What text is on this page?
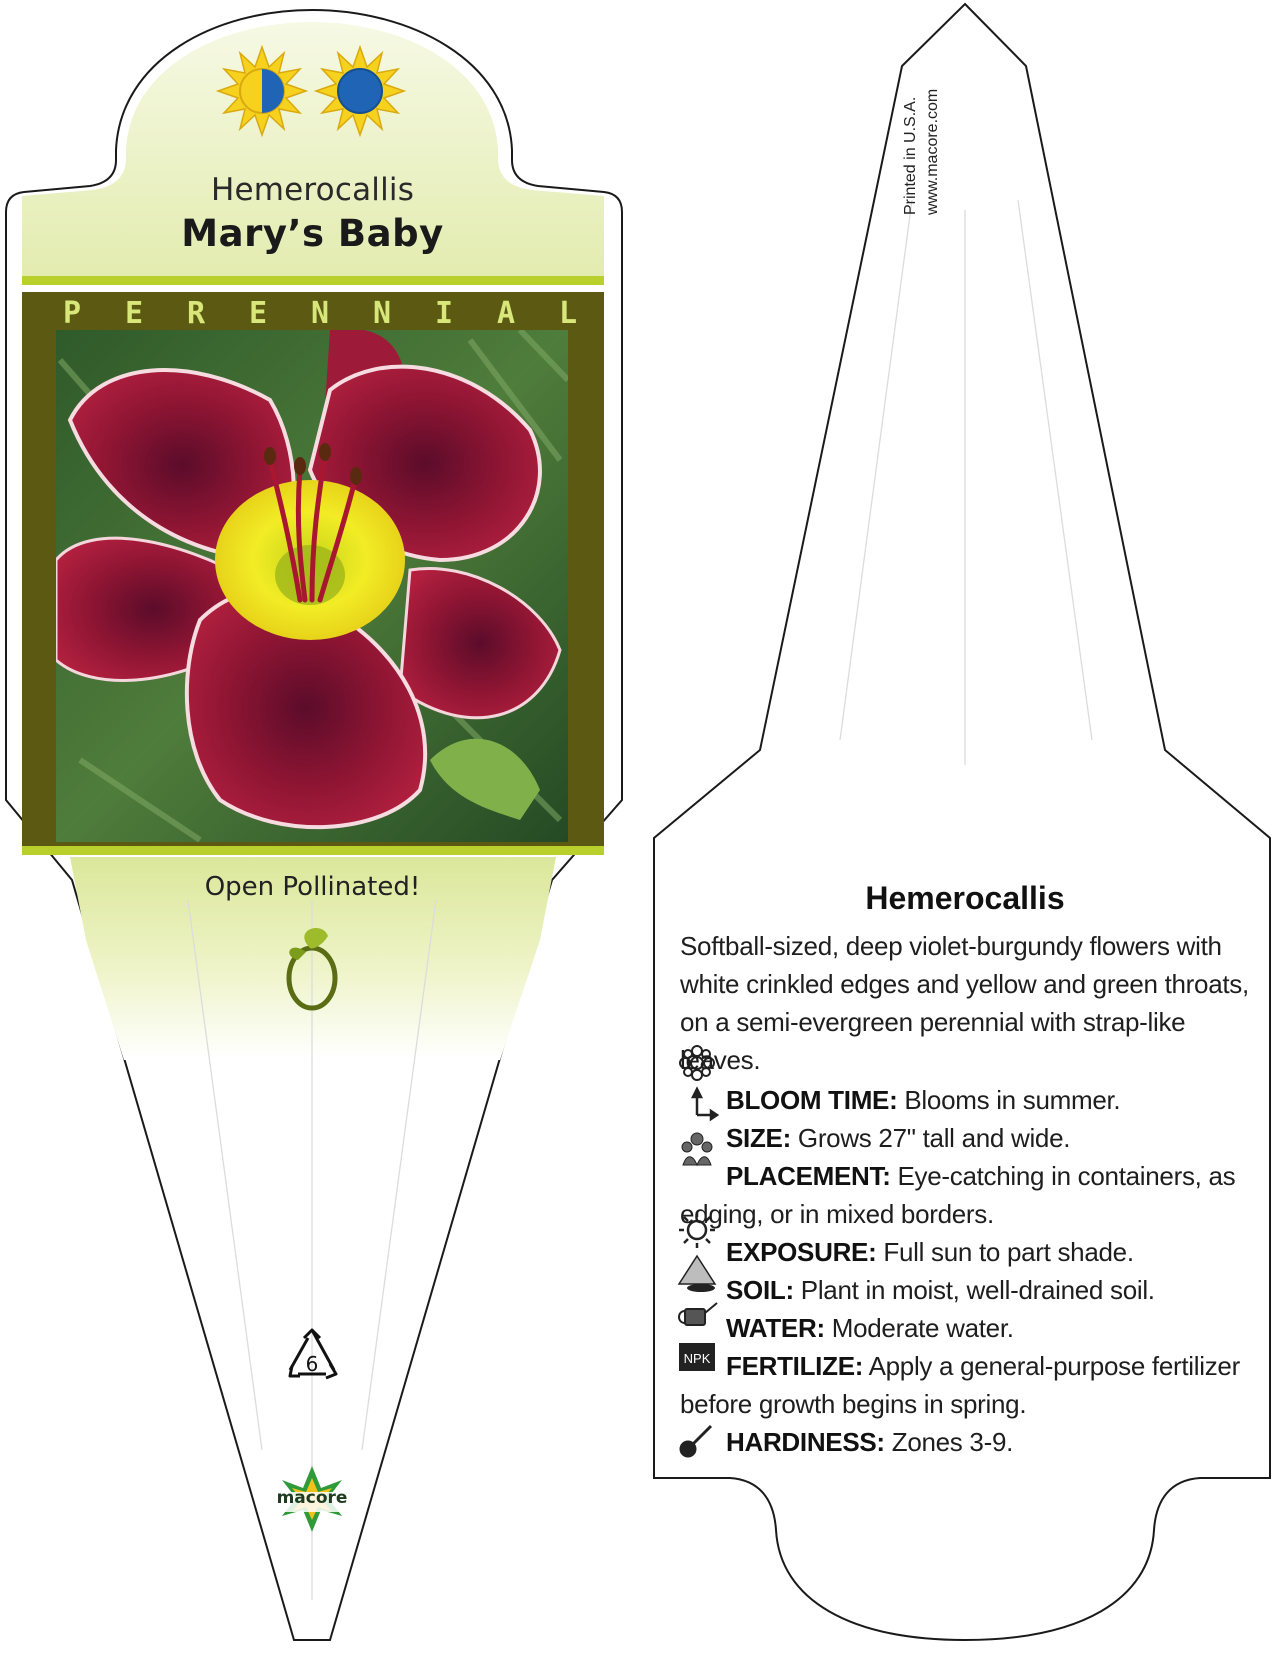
NPK
Hemerocallis
Mary’s Baby
P E R E N N I A L
Open Pollinated!
6
macore
Printed in U.S.A. www.macore.com
Hemerocallis
Softball-sized, deep violet-burgundy flowers with white crinkled edges and yellow and green throats, on a semi-evergreen perennial with strap-like leaves.
BLOOM TIME: Blooms in summer.
SIZE: Grows 27" tall and wide.
PLACEMENT: Eye-catching in containers, as edging, or in mixed borders.
EXPOSURE: Full sun to part shade.
SOIL: Plant in moist, well-drained soil.
WATER: Moderate water.
FERTILIZE: Apply a general-purpose fertilizer before growth begins in spring.
HARDINESS: Zones 3-9.
